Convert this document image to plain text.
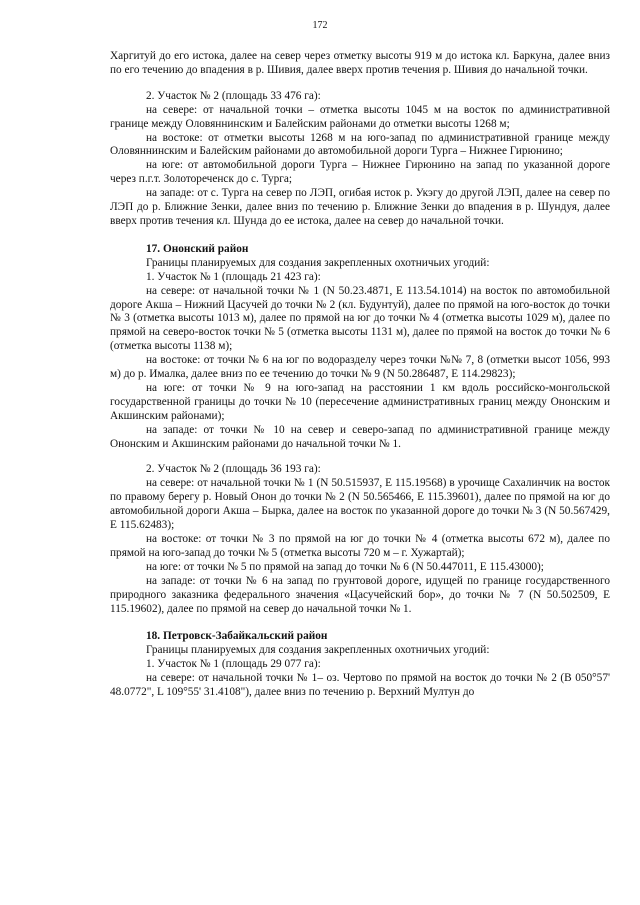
172

Харгитуй до его истока, далее на север через отметку высоты 919 м до истока кл. Баркуна, далее вниз по его течению до впадения в р. Шивия, далее вверх против течения р. Шивия до начальной точки.

2. Участок № 2 (площадь 33 476 га):

на севере: от начальной точки – отметка высоты 1045 м на восток по административной границе между Оловяннинским и Балейским районами до отметки высоты 1268 м;

на востоке: от отметки высоты 1268 м на юго-запад по административной границе между Оловяннинским и Балейским районами до автомобильной дороги Турга – Нижнее Гирюнино;

на юге: от автомобильной дороги Турга – Нижнее Гирюнино на запад по указанной дороге через п.г.т. Золотореченск до с. Турга;

на западе: от с. Турга на север по ЛЭП, огибая исток р. Укэгу до другой ЛЭП, далее на север по ЛЭП до р. Ближние Зенки, далее вниз по течению р. Ближние Зенки до впадения в р. Шундуя, далее вверх против течения кл. Шунда до ее истока, далее на север до начальной точки.

17. Ононский район

Границы планируемых для создания закрепленных охотничьих угодий:

1. Участок № 1 (площадь 21 423 га):

на севере: от начальной точки № 1 (N 50.23.4871, E 113.54.1014) на восток по автомобильной дороге Акша – Нижний Цасучей до точки № 2 (кл. Будунтуй), далее по прямой на юго-восток до точки № 3 (отметка высоты 1013 м), далее по прямой на юг до точки № 4 (отметка высоты 1029 м), далее по прямой на северо-восток точки № 5 (отметка высоты 1131 м), далее по прямой на восток до точки № 6 (отметка высоты 1138 м);

на востоке: от точки № 6 на юг по водоразделу через точки №№ 7, 8 (отметки высот 1056, 993 м) до р. Ималка, далее вниз по ее течению до точки № 9 (N 50.286487, E 114.29823);

на юге: от точки № 9 на юго-запад на расстоянии 1 км вдоль российско-монгольской государственной границы до точки № 10 (пересечение административных границ между Ононским и Акшинским районами);

на западе: от точки № 10 на север и северо-запад по административной границе между Ононским и Акшинским районами до начальной точки № 1.

2. Участок № 2 (площадь 36 193 га):

на севере: от начальной точки № 1 (N 50.515937, E 115.19568) в урочище Сахалинчик на восток по правому берегу р. Новый Онон до точки № 2 (N 50.565466, E 115.39601), далее по прямой на юг до автомобильной дороги Акша – Бырка, далее на восток по указанной дороге до точки № 3 (N 50.567429, E 115.62483);

на востоке: от точки № 3 по прямой на юг до точки № 4 (отметка высоты 672 м), далее по прямой на юго-запад до точки № 5 (отметка высоты 720 м – г. Хужартай);

на юге: от точки № 5 по прямой на запад до точки № 6 (N 50.447011, E 115.43000);

на западе: от точки № 6 на запад по грунтовой дороге, идущей по границе государственного природного заказника федерального значения «Цасучейский бор», до точки № 7 (N 50.502509, E 115.19602), далее по прямой на север до начальной точки № 1.

18. Петровск-Забайкальский район

Границы планируемых для создания закрепленных охотничьих угодий:

1. Участок № 1 (площадь 29 077 га):

на севере: от начальной точки № 1– оз. Чертово по прямой на восток до точки № 2 (B 050°57' 48.0772", L 109°55' 31.4108"), далее вниз по течению р. Верхний Мултун до
